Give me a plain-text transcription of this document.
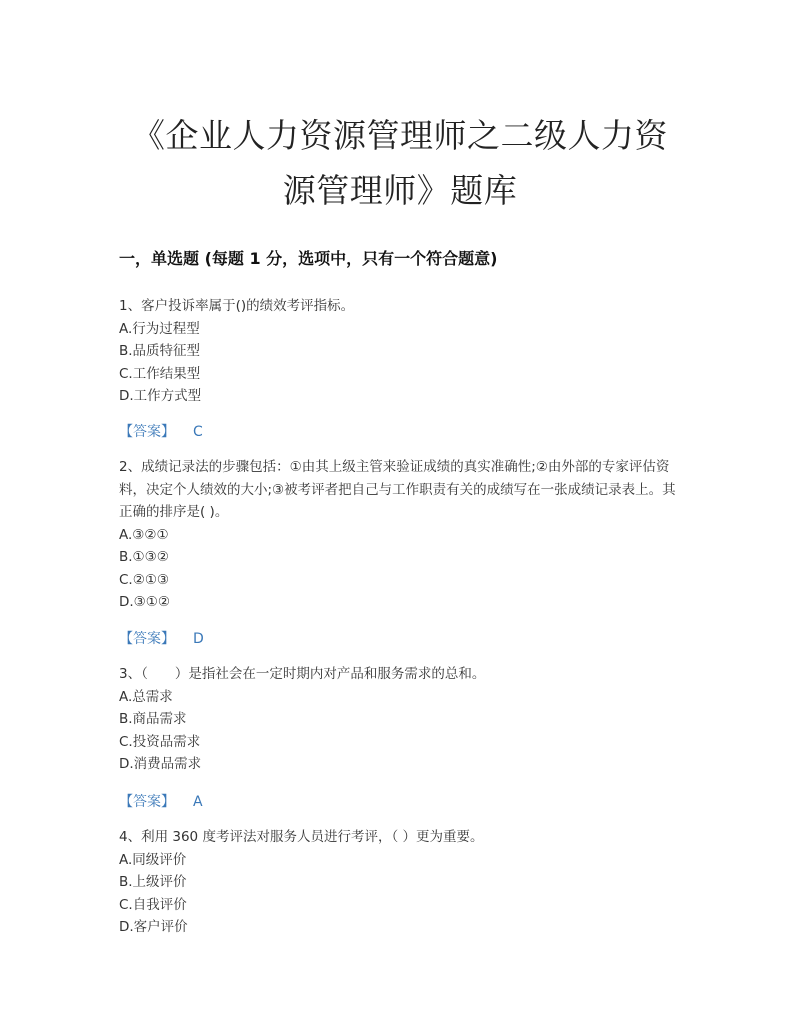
《企业人力资源管理师之二级人力资
源管理师》题库
一，单选题 (每题 1 分，选项中，只有一个符合题意)
1、客户投诉率属于()的绩效考评指标。
A.行为过程型
B.品质特征型
C.工作结果型
D.工作方式型
【答案】 C
2、成绩记录法的步骤包括：①由其上级主管来验证成绩的真实准确性;②由外部的专家评估资料，决定个人绩效的大小;③被考评者把自己与工作职责有关的成绩写在一张成绩记录表上。其正确的排序是( )。
A.③②①
B.①③②
C.②①③
D.③①②
【答案】 D
3、（　　）是指社会在一定时期内对产品和服务需求的总和。
A.总需求
B.商品需求
C.投资品需求
D.消费品需求
【答案】 A
4、利用 360 度考评法对服务人员进行考评，（ ）更为重要。
A.同级评价
B.上级评价
C.自我评价
D.客户评价
